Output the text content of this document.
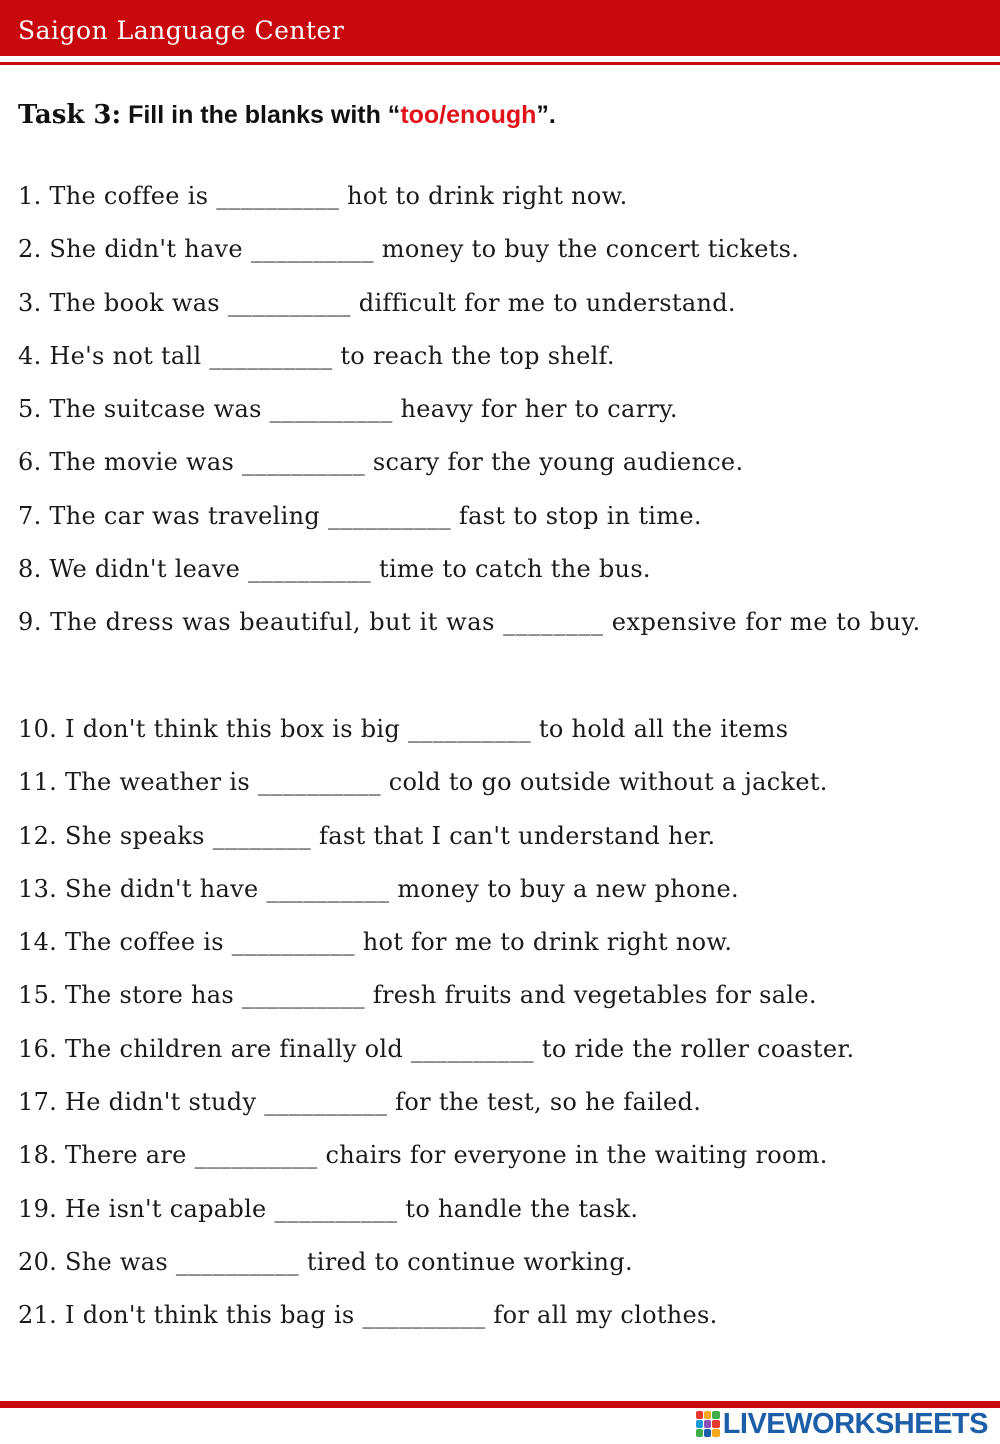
Saigon Language Center
Task 3: Fill in the blanks with “too/enough”.
1. The coffee is __________ hot to drink right now.
2. She didn't have __________ money to buy the concert tickets.
3. The book was __________ difficult for me to understand.
4. He's not tall __________ to reach the top shelf.
5. The suitcase was __________ heavy for her to carry.
6. The movie was __________ scary for the young audience.
7. The car was traveling __________ fast to stop in time.
8. We didn't leave __________ time to catch the bus.
9. The dress was beautiful, but it was ________ expensive for me to buy.
10. I don't think this box is big __________ to hold all the items
11. The weather is __________ cold to go outside without a jacket.
12. She speaks ________ fast that I can't understand her.
13. She didn't have __________ money to buy a new phone.
14. The coffee is __________ hot for me to drink right now.
15. The store has __________ fresh fruits and vegetables for sale.
16. The children are finally old __________ to ride the roller coaster.
17. He didn't study __________ for the test, so he failed.
18. There are __________ chairs for everyone in the waiting room.
19. He isn't capable __________ to handle the task.
20. She was __________ tired to continue working.
21. I don't think this bag is __________ for all my clothes.
LIVEWORKSHEETS
